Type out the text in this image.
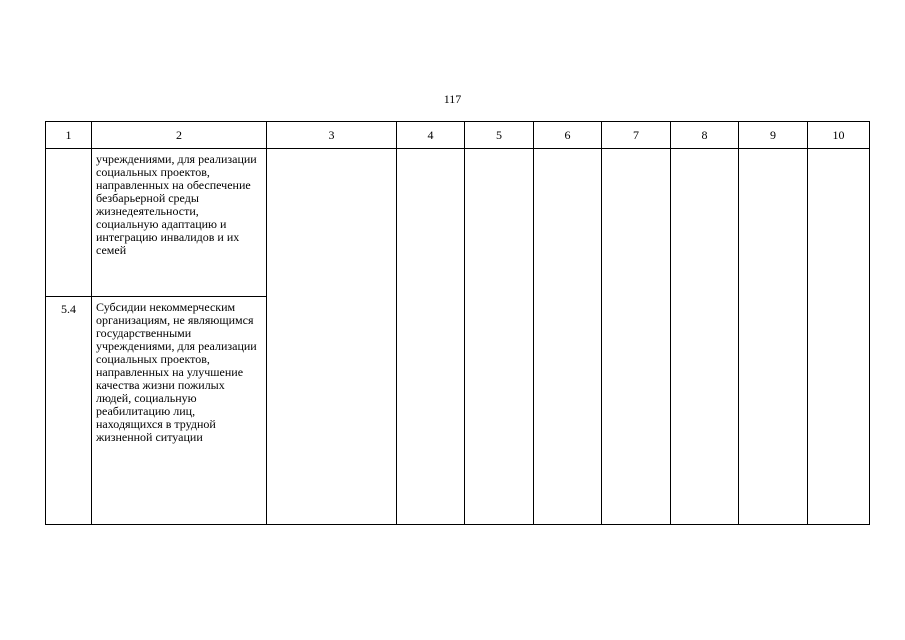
117
1	2	3	4	5	6	7	8	9	10
	учреждениями, для реализации социальных проектов, направленных на обеспечение безбарьерной среды жизнедеятельности, социальную адаптацию и интеграцию инвалидов и их семей								
5.4	Субсидии некоммерческим организациям, не являющимся государственными учреждениями, для реализации социальных проектов, направленных на улучшение качества жизни пожилых людей, социальную реабилитацию лиц, находящихся в трудной жизненной ситуации								
